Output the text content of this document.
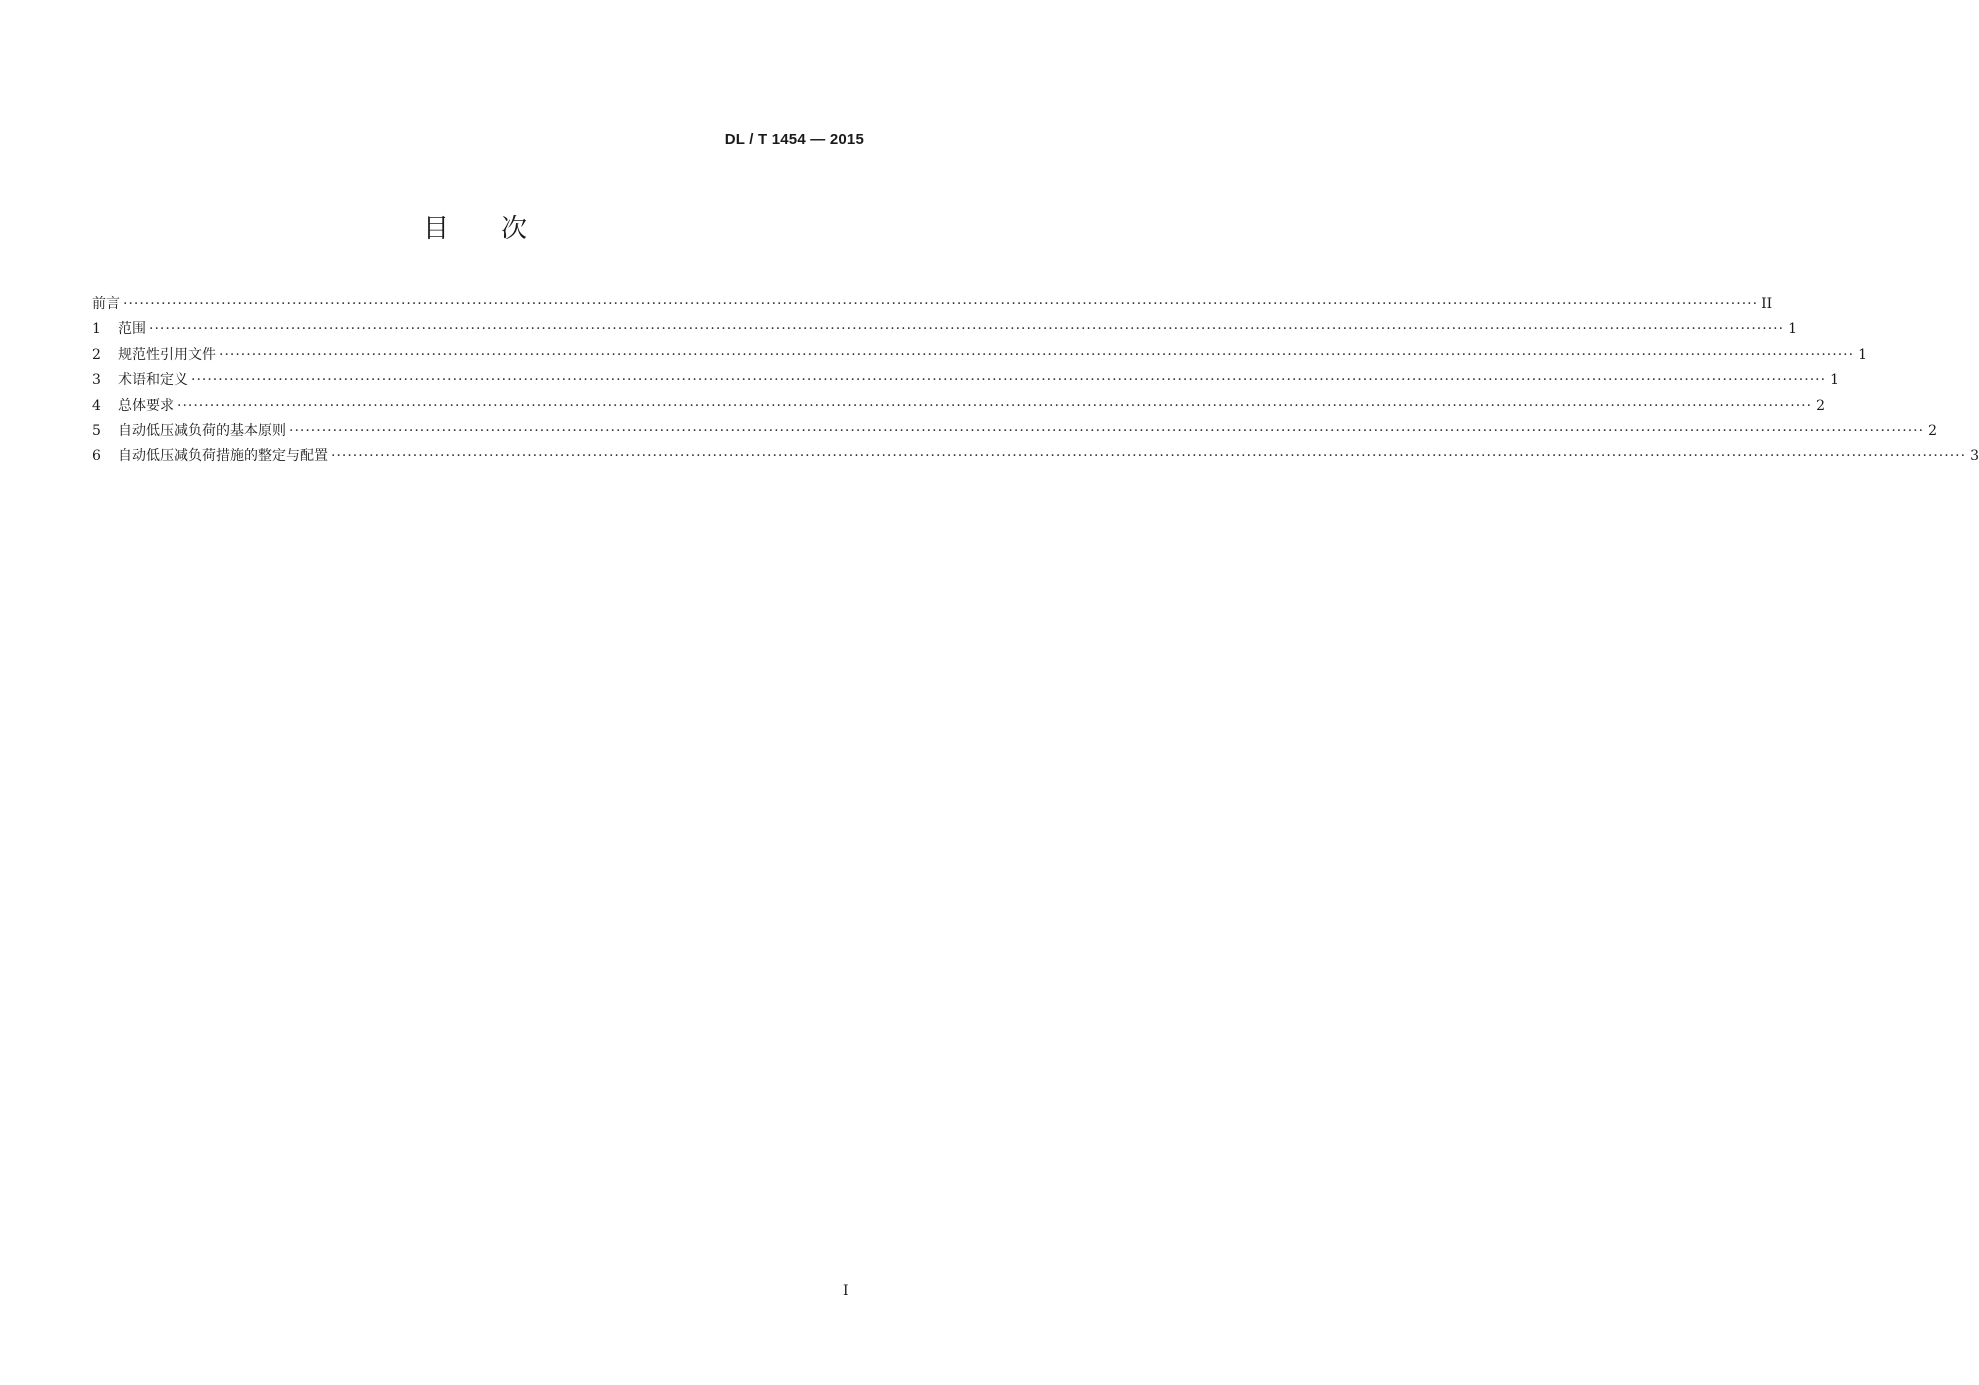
DL / T 1454 — 2015
目次
前言 ············································································································································································································································································································ II
1	范围 ············································································································································································································································································································ 1
2	规范性引用文件 ············································································································································································································································································································ 1
3	术语和定义 ············································································································································································································································································································ 1
4	总体要求 ············································································································································································································································································································ 2
5	自动低压减负荷的基本原则 ············································································································································································································································································································ 2
6	自动低压减负荷措施的整定与配置 ············································································································································································································································································································ 3
I
